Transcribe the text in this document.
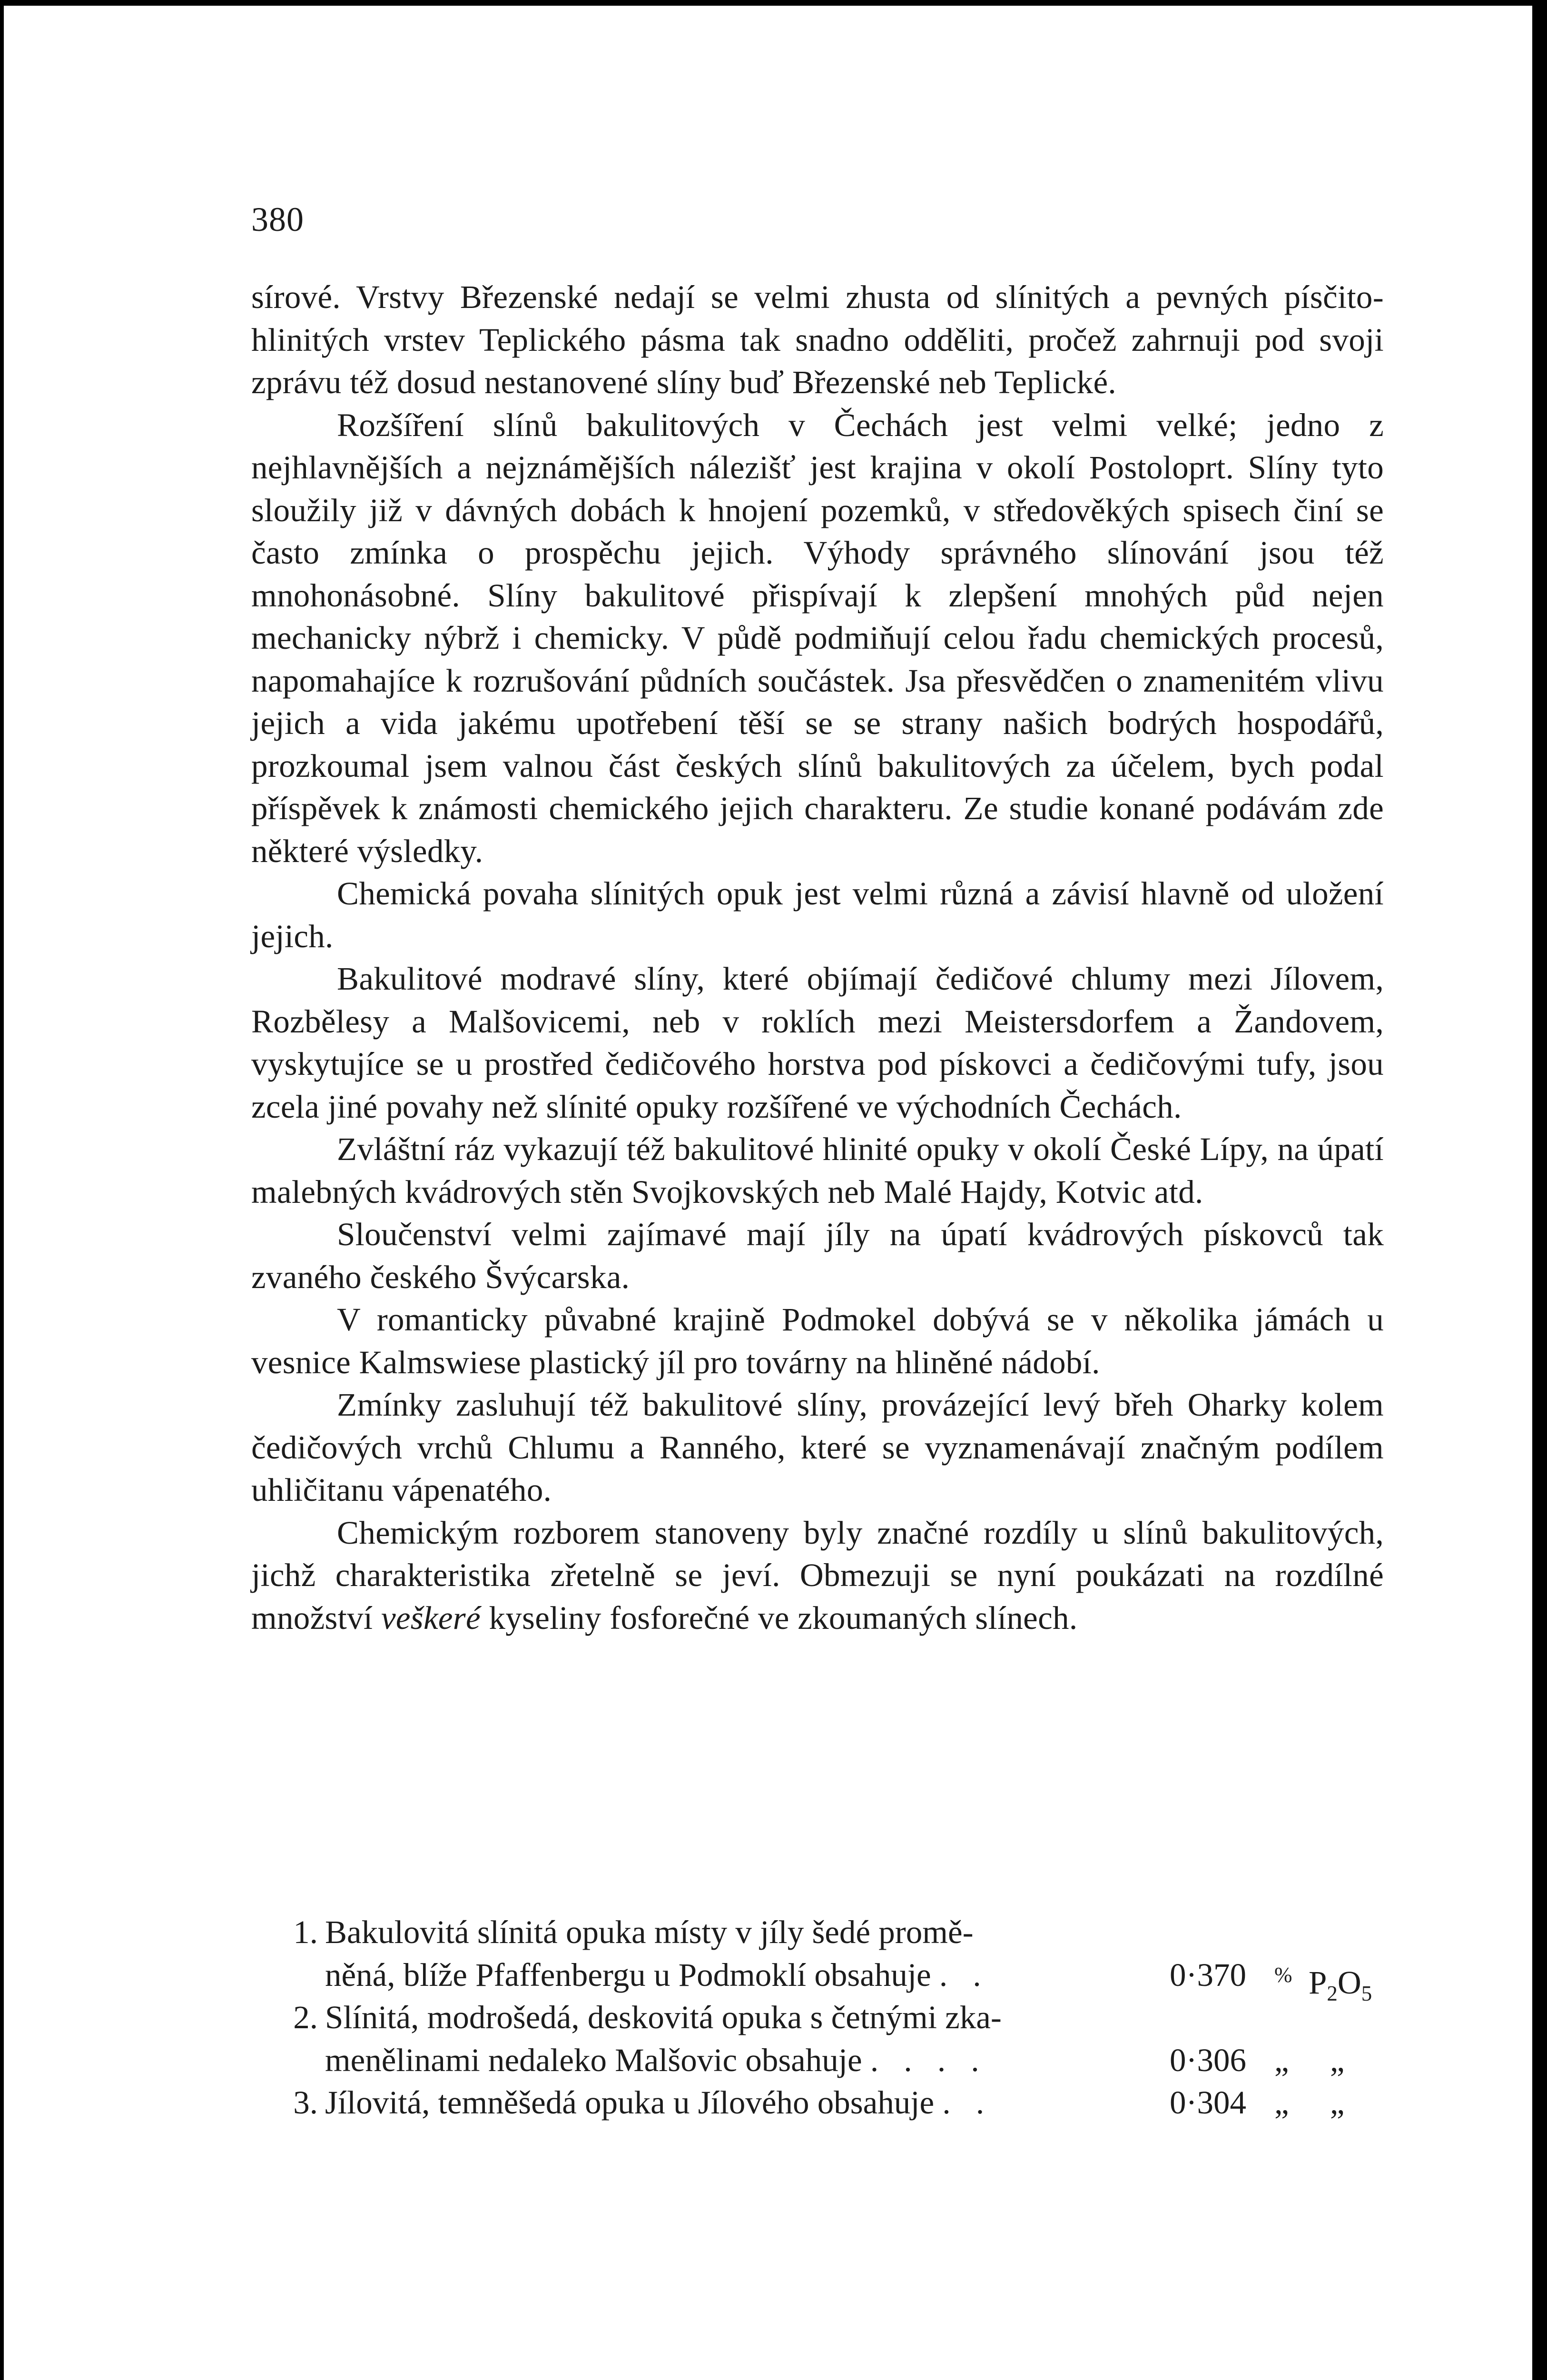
380

sírové. Vrstvy Březenské nedají se velmi zhusta od slínitých a pevných písčito-hlinitých vrstev Teplického pásma tak snadno odděliti, pročež zahrnuji pod svoji zprávu též dosud nestanovené slíny buď Březenské neb Teplické.

Rozšíření slínů bakulitových v Čechách jest velmi velké; jedno z nejhlavnějších a nejznámějších nálezišť jest krajina v okolí Postoloprt. Slíny tyto sloužily již v dávných dobách k hnojení pozemků, v středověkých spisech činí se často zmínka o prospěchu jejich. Výhody správného slínování jsou též mnohonásobné. Slíny bakulitové přispívají k zlepšení mnohých půd nejen mechanicky nýbrž i chemicky. V půdě podmiňují celou řadu chemických procesů, napomahajíce k rozrušování půdních součástek. Jsa přesvědčen o znamenitém vlivu jejich a vida jakému upotřebení těší se se strany našich bodrých hospodářů, prozkoumal jsem valnou část českých slínů bakulitových za účelem, bych podal příspěvek k známosti chemického jejich charakteru. Ze studie konané podávám zde některé výsledky.

Chemická povaha slínitých opuk jest velmi různá a závisí hlavně od uložení jejich.

Bakulitové modravé slíny, které objímají čedičové chlumy mezi Jílovem, Rozbělesy a Malšovicemi, neb v roklích mezi Meistersdorfem a Žandovem, vyskytujíce se u prostřed čedičového horstva pod pískovci a čedičovými tufy, jsou zcela jiné povahy než slínité opuky rozšířené ve východních Čechách.

Zvláštní ráz vykazují též bakulitové hlinité opuky v okolí České Lípy, na úpatí malebných kvádrových stěn Svojkovských neb Malé Hajdy, Kotvic atd.

Sloučenství velmi zajímavé mají jíly na úpatí kvádrových pískovců tak zvaného českého Švýcarska.

V romanticky půvabné krajině Podmokel dobývá se v několika jámách u vesnice Kalmswiese plastický jíl pro továrny na hliněné nádobí.

Zmínky zasluhují též bakulitové slíny, provázející levý břeh Oharky kolem čedičových vrchů Chlumu a Ranného, které se vyznamenávají značným podílem uhličitanu vápenatého.

Chemickým rozborem stanoveny byly značné rozdíly u slínů bakulitových, jichž charakteristika zřetelně se jeví. Obmezuji se nyní poukázati na rozdílné množství veškeré kyseliny fosforečné ve zkoumaných slínech.

1. Bakulovitá slínitá opuka místy v jíly šedé promě-
něná, blíže Pfaffenbergu u Podmoklí obsahuje . .	0·370	% $P_2O_5$
2. Slínitá, modrošedá, deskovitá opuka s četnými zka-
menělinami nedaleko Malšovic obsahuje . . . .	0·306 „ „
3. Jílovitá, temněšedá opuka u Jílového obsahuje . .	0·304 „ „
